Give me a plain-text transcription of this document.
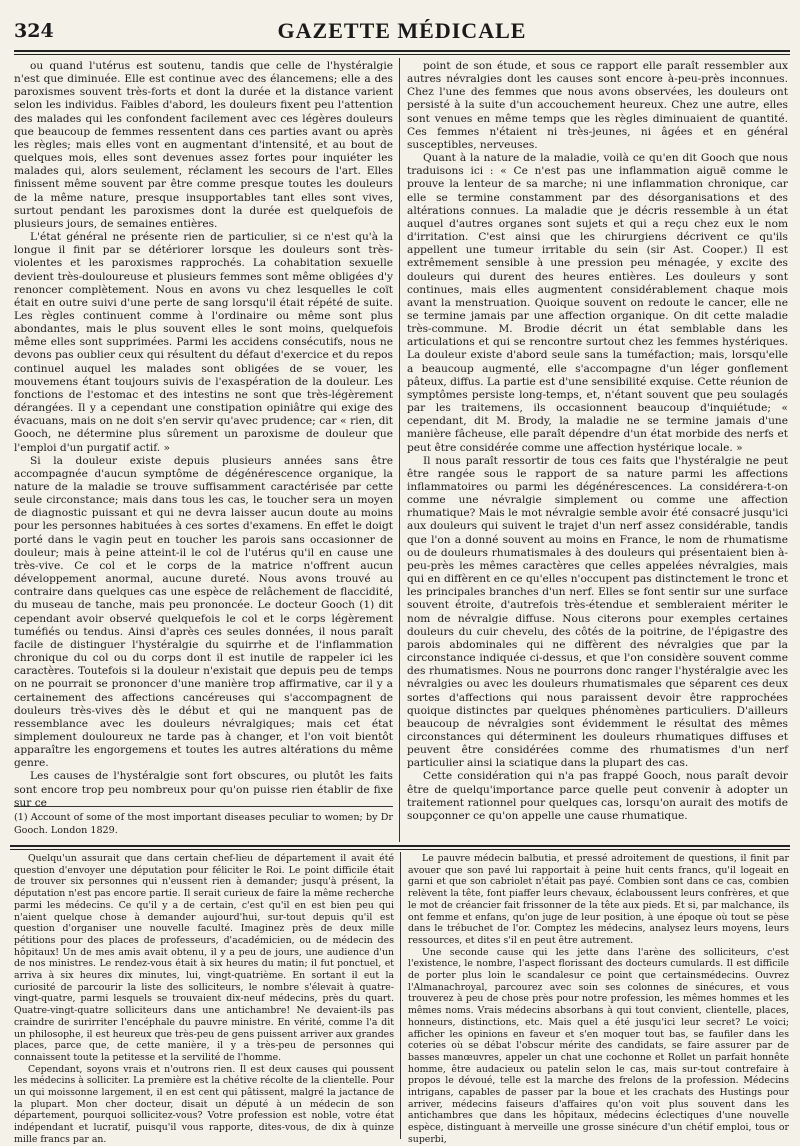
324	GAZETTE MÉDICALE

ou quand l'utérus est soutenu, tandis que celle de l'hystéralgie n'est que diminuée. Elle est continue avec des élancemens; elle a des paroxismes souvent très-forts et dont la durée et la distance varient selon les individus. Faibles d'abord, les douleurs fixent peu l'attention des malades qui les confondent facilement avec ces légères douleurs que beaucoup de femmes ressentent dans ces parties avant ou après les règles; mais elles vont en augmentant d'intensité, et au bout de quelques mois, elles sont devenues assez fortes pour inquiéter les malades qui, alors seulement, réclament les secours de l'art. Elles finissent même souvent par être comme presque toutes les douleurs de la même nature, presque insupportables tant elles sont vives, surtout pendant les paroxismes dont la durée est quelquefois de plusieurs jours, de semaines entières.

L'état général ne présente rien de particulier, si ce n'est qu'à la longue il finit par se détériorer lorsque les douleurs sont très-violentes et les paroxismes rapprochés. La cohabitation sexuelle devient très-douloureuse et plusieurs femmes sont même obligées d'y renoncer complètement. Nous en avons vu chez lesquelles le coït était en outre suivi d'une perte de sang lorsqu'il était répété de suite. Les règles continuent comme à l'ordinaire ou même sont plus abondantes, mais le plus souvent elles le sont moins, quelquefois même elles sont supprimées. Parmi les accidens consécutifs, nous ne devons pas oublier ceux qui résultent du défaut d'exercice et du repos continuel auquel les malades sont obligées de se vouer, les mouvemens étant toujours suivis de l'exaspération de la douleur. Les fonctions de l'estomac et des intestins ne sont que très-légèrement dérangées. Il y a cependant une constipation opiniâtre qui exige des évacuans, mais on ne doit s'en servir qu'avec prudence; car « rien, dit Gooch, ne détermine plus sûrement un paroxisme de douleur que l'emploi d'un purgatif actif. »

Si la douleur existe depuis plusieurs années sans être accompagnée d'aucun symptôme de dégénérescence organique, la nature de la maladie se trouve suffisamment caractérisée par cette seule circonstance; mais dans tous les cas, le toucher sera un moyen de diagnostic puissant et qui ne devra laisser aucun doute au moins pour les personnes habituées à ces sortes d'examens. En effet le doigt porté dans le vagin peut en toucher les parois sans occasionner de douleur; mais à peine atteint-il le col de l'utérus qu'il en cause une très-vive. Ce col et le corps de la matrice n'offrent aucun développement anormal, aucune dureté. Nous avons trouvé au contraire dans quelques cas une espèce de relâchement de flaccidité, du museau de tanche, mais peu prononcée. Le docteur Gooch (1) dit cependant avoir observé quelquefois le col et le corps légèrement tuméfiés ou tendus. Ainsi d'après ces seules données, il nous paraît facile de distinguer l'hystéralgie du squirrhe et de l'inflammation chronique du col ou du corps dont il est inutile de rappeler ici les caractères. Toutefois si la douleur n'existait que depuis peu de temps on ne pourrait se prononcer d'une manière trop affirmative, car il y a certainement des affections cancéreuses qui s'accompagnent de douleurs très-vives dès le début et qui ne manquent pas de ressemblance avec les douleurs névralgiques; mais cet état simplement douloureux ne tarde pas à changer, et l'on voit bientôt apparaître les engorgemens et toutes les autres altérations du même genre.

Les causes de l'hystéralgie sont fort obscures, ou plutôt les faits sont encore trop peu nombreux pour qu'on puisse rien établir de fixe sur ce

point de son étude, et sous ce rapport elle paraît ressembler aux autres névralgies dont les causes sont encore à-peu-près inconnues. Chez l'une des femmes que nous avons observées, les douleurs ont persisté à la suite d'un accouchement heureux. Chez une autre, elles sont venues en même temps que les règles diminuaient de quantité. Ces femmes n'étaient ni très-jeunes, ni âgées et en général susceptibles, nerveuses.

Quant à la nature de la maladie, voilà ce qu'en dit Gooch que nous traduisons ici : « Ce n'est pas une inflammation aiguë comme le prouve la lenteur de sa marche; ni une inflammation chronique, car elle se termine constamment par des désorganisations et des altérations connues. La maladie que je décris ressemble à un état auquel d'autres organes sont sujets et qui a reçu chez eux le nom d'irritation. C'est ainsi que les chirurgiens décrivent ce qu'ils appellent une tumeur irritable du sein (sir Ast. Cooper.) Il est extrêmement sensible à une pression peu ménagée, y excite des douleurs qui durent des heures entières. Les douleurs y sont continues, mais elles augmentent considérablement chaque mois avant la menstruation. Quoique souvent on redoute le cancer, elle ne se termine jamais par une affection organique. On dit cette maladie très-commune. M. Brodie décrit un état semblable dans les articulations et qui se rencontre surtout chez les femmes hystériques. La douleur existe d'abord seule sans la tuméfaction; mais, lorsqu'elle a beaucoup augmenté, elle s'accompagne d'un léger gonflement pâteux, diffus. La partie est d'une sensibilité exquise. Cette réunion de symptômes persiste long-temps, et, n'étant souvent que peu soulagés par les traitemens, ils occasionnent beaucoup d'inquiétude; « cependant, dit M. Brody, la maladie ne se termine jamais d'une manière fâcheuse, elle paraît dépendre d'un état morbide des nerfs et peut être considérée comme une affection hystérique locale. »

Il nous paraît ressortir de tous ces faits que l'hystéralgie ne peut être rangée sous le rapport de sa nature parmi les affections inflammatoires ou parmi les dégénérescences. La considérera-t-on comme une névralgie simplement ou comme une affection rhumatique? Mais le mot névralgie semble avoir été consacré jusqu'ici aux douleurs qui suivent le trajet d'un nerf assez considérable, tandis que l'on a donné souvent au moins en France, le nom de rhumatisme ou de douleurs rhumatismales à des douleurs qui présentaient bien à-peu-près les mêmes caractères que celles appelées névralgies, mais qui en diffèrent en ce qu'elles n'occupent pas distinctement le tronc et les principales branches d'un nerf. Elles se font sentir sur une surface souvent étroite, d'autrefois très-étendue et sembleraient mériter le nom de névralgie diffuse. Nous citerons pour exemples certaines douleurs du cuir chevelu, des côtés de la poitrine, de l'épigastre des parois abdominales qui ne diffèrent des névralgies que par la circonstance indiquée ci-dessus, et que l'on considère souvent comme des rhumatismes. Nous ne pourrons donc ranger l'hystéralgie avec les névralgies ou avec les douleurs rhumatismales que séparent ces deux sortes d'affections qui nous paraissent devoir être rapprochées quoique distinctes par quelques phénomènes particuliers. D'ailleurs beaucoup de névralgies sont évidemment le résultat des mêmes circonstances qui déterminent les douleurs rhumatiques diffuses et peuvent être considérées comme des rhumatismes d'un nerf particulier ainsi la sciatique dans la plupart des cas.

Cette considération qui n'a pas frappé Gooch, nous paraît devoir être de quelqu'importance parce quelle peut convenir à adopter un traitement rationnel pour quelques cas, lorsqu'on aurait des motifs de soupçonner ce qu'on appelle une cause rhumatique.

(1) Account of some of the most important diseases peculiar to women; by Dr Gooch. London 1829.

Quelqu'un assurait que dans certain chef-lieu de département il avait été question d'envoyer une députation pour féliciter le Roi. Le point difficile était de trouver six personnes qui n'eussent rien à demander; jusqu'à présent, la députation n'est pas encore partie. Il serait curieux de faire la même recherche parmi les médecins. Ce qu'il y a de certain, c'est qu'il en est bien peu qui n'aient quelque chose à demander aujourd'hui, sur-tout depuis qu'il est question d'organiser une nouvelle faculté. Imaginez près de deux mille pétitions pour des places de professeurs, d'académicien, ou de médecin des hôpitaux! Un de mes amis avait obtenu, il y a peu de jours, une audience d'un de nos ministres. Le rendez-vous était à six heures du matin; il fut ponctuel, et arriva à six heures dix minutes, lui, vingt-quatrième. En sortant il eut la curiosité de parcourir la liste des solliciteurs, le nombre s'élevait à quatre-vingt-quatre, parmi lesquels se trouvaient dix-neuf médecins, près du quart. Quatre-vingt-quatre solliciteurs dans une antichambre! Ne devaient-ils pas craindre de surirriter l'encéphale du pauvre ministre. En vérité, comme l'a dit un philosophe, il est heureux que très-peu de gens puissent arriver aux grandes places, parce que, de cette manière, il y a très-peu de personnes qui connaissent toute la petitesse et la servilité de l'homme.

Cependant, soyons vrais et n'outrons rien. Il est deux causes qui poussent les médecins à solliciter. La première est la chétive récolte de la clientelle. Pour un qui moissonne largement, il en est cent qui pâtissent, malgré la jactance de la plupart. Mon cher docteur, disait un député à un médecin de son département, pourquoi sollicitez-vous? Votre profession est noble, votre état indépendant et lucratif, puisqu'il vous rapporte, dites-vous, de dix à quinze mille francs par an.

Le pauvre médecin balbutia, et pressé adroitement de questions, il finit par avouer que son pavé lui rapportait à peine huit cents francs, qu'il logeait en garni et que son cabriolet n'était pas payé. Combien sont dans ce cas, combien relèvent la tête, font piaffer leurs chevaux, éclaboussent leurs confrères, et que le mot de créancier fait frissonner de la tête aux pieds. Et si, par malchance, ils ont femme et enfans, qu'on juge de leur position, à une époque où tout se pèse dans le trébuchet de l'or. Comptez les médecins, analysez leurs moyens, leurs ressources, et dites s'il en peut être autrement.

Une seconde cause qui les jette dans l'arène des solliciteurs, c'est l'existence, le nombre, l'aspect florissant des docteurs cumulards. Il est difficile de porter plus loin le scandalesur ce point que certainsmédecins. Ouvrez l'Almanachroyal, parcourez avec soin ses colonnes de sinécures, et vous trouverez à peu de chose près pour notre profession, les mêmes hommes et les mêmes noms. Vrais médecins absorbans à qui tout convient, clientelle, places, honneurs, distinctions, etc. Mais quel a été jusqu'ici leur secret? Le voici; afficher les opinions en faveur et s'en moquer tout bas, se faufiler dans les coteries où se débat l'obscur mérite des candidats, se faire assurer par de basses manœuvres, appeler un chat une cochonne et Rollet un parfait honnête homme, être audacieux ou patelin selon le cas, mais sur-tout contrefaire à propos le dévoué, telle est la marche des frelons de la profession. Médecins intrigans, capables de passer par la boue et les crachats des Hustings pour arriver, médecins faiseurs d'affaires qu'on voit plus souvent dans les antichambres que dans les hôpitaux, médecins éclectiques d'une nouvelle espèce, distinguant à merveille une grosse sinécure d'un chétif emploi, tous or superbi,
